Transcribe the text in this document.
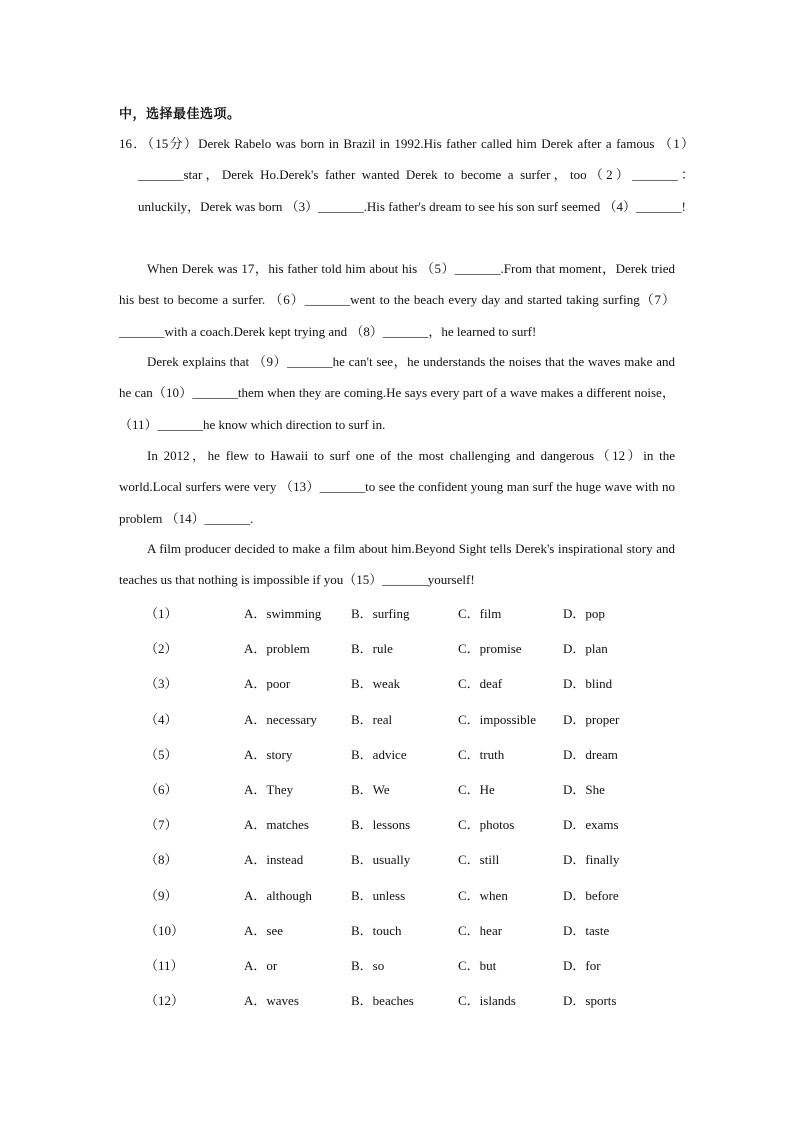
中，选择最佳选项。
16．（15分）Derek Rabelo was born in Brazil in 1992.His father called him Derek after a famous （1）_______star，Derek Ho.Derek's father wanted Derek to become a surfer，too（2）_______：unluckily，Derek was born （3）_______.His father's dream to see his son surf seemed （4）_______!
When Derek was 17，his father told him about his （5）_______.From that moment，Derek tried his best to become a surfer. （6）_______went to the beach every day and started taking surfing（7）_______with a coach.Derek kept trying and （8）_______，he learned to surf!
Derek explains that （9）_______he can't see，he understands the noises that the waves make and he can（10）_______them when they are coming.He says every part of a wave makes a different noise，（11）_______he know which direction to surf in.
In 2012，he flew to Hawaii to surf one of the most challenging and dangerous（12）in the world.Local surfers were very （13）_______to see the confident young man surf the huge wave with no problem （14）_______.
A film producer decided to make a film about him.Beyond Sight tells Derek's inspirational story and teaches us that nothing is impossible if you（15）_______yourself!
（1）	A．swimming B．surfing	C．film	D．pop
（2）	A．problem	B．rule	C．promise	D．plan
（3）	A．poor	B．weak	C．deaf	D．blind
（4）	A．necessary	B．real	C．impossible D．proper
（5）	A．story	B．advice	C．truth	D．dream
（6）	A．They	B．We	C．He	D．She
（7）	A．matches	B．lessons	C．photos	D．exams
（8）	A．instead	B．usually	C．still	D．finally
（9）	A．although	B．unless	C．when	D．before
（10）	A．see	B．touch	C．hear	D．taste
（11）	A．or	B．so	C．but	D．for
（12）	A．waves	B．beaches	C．islands	D．sports
